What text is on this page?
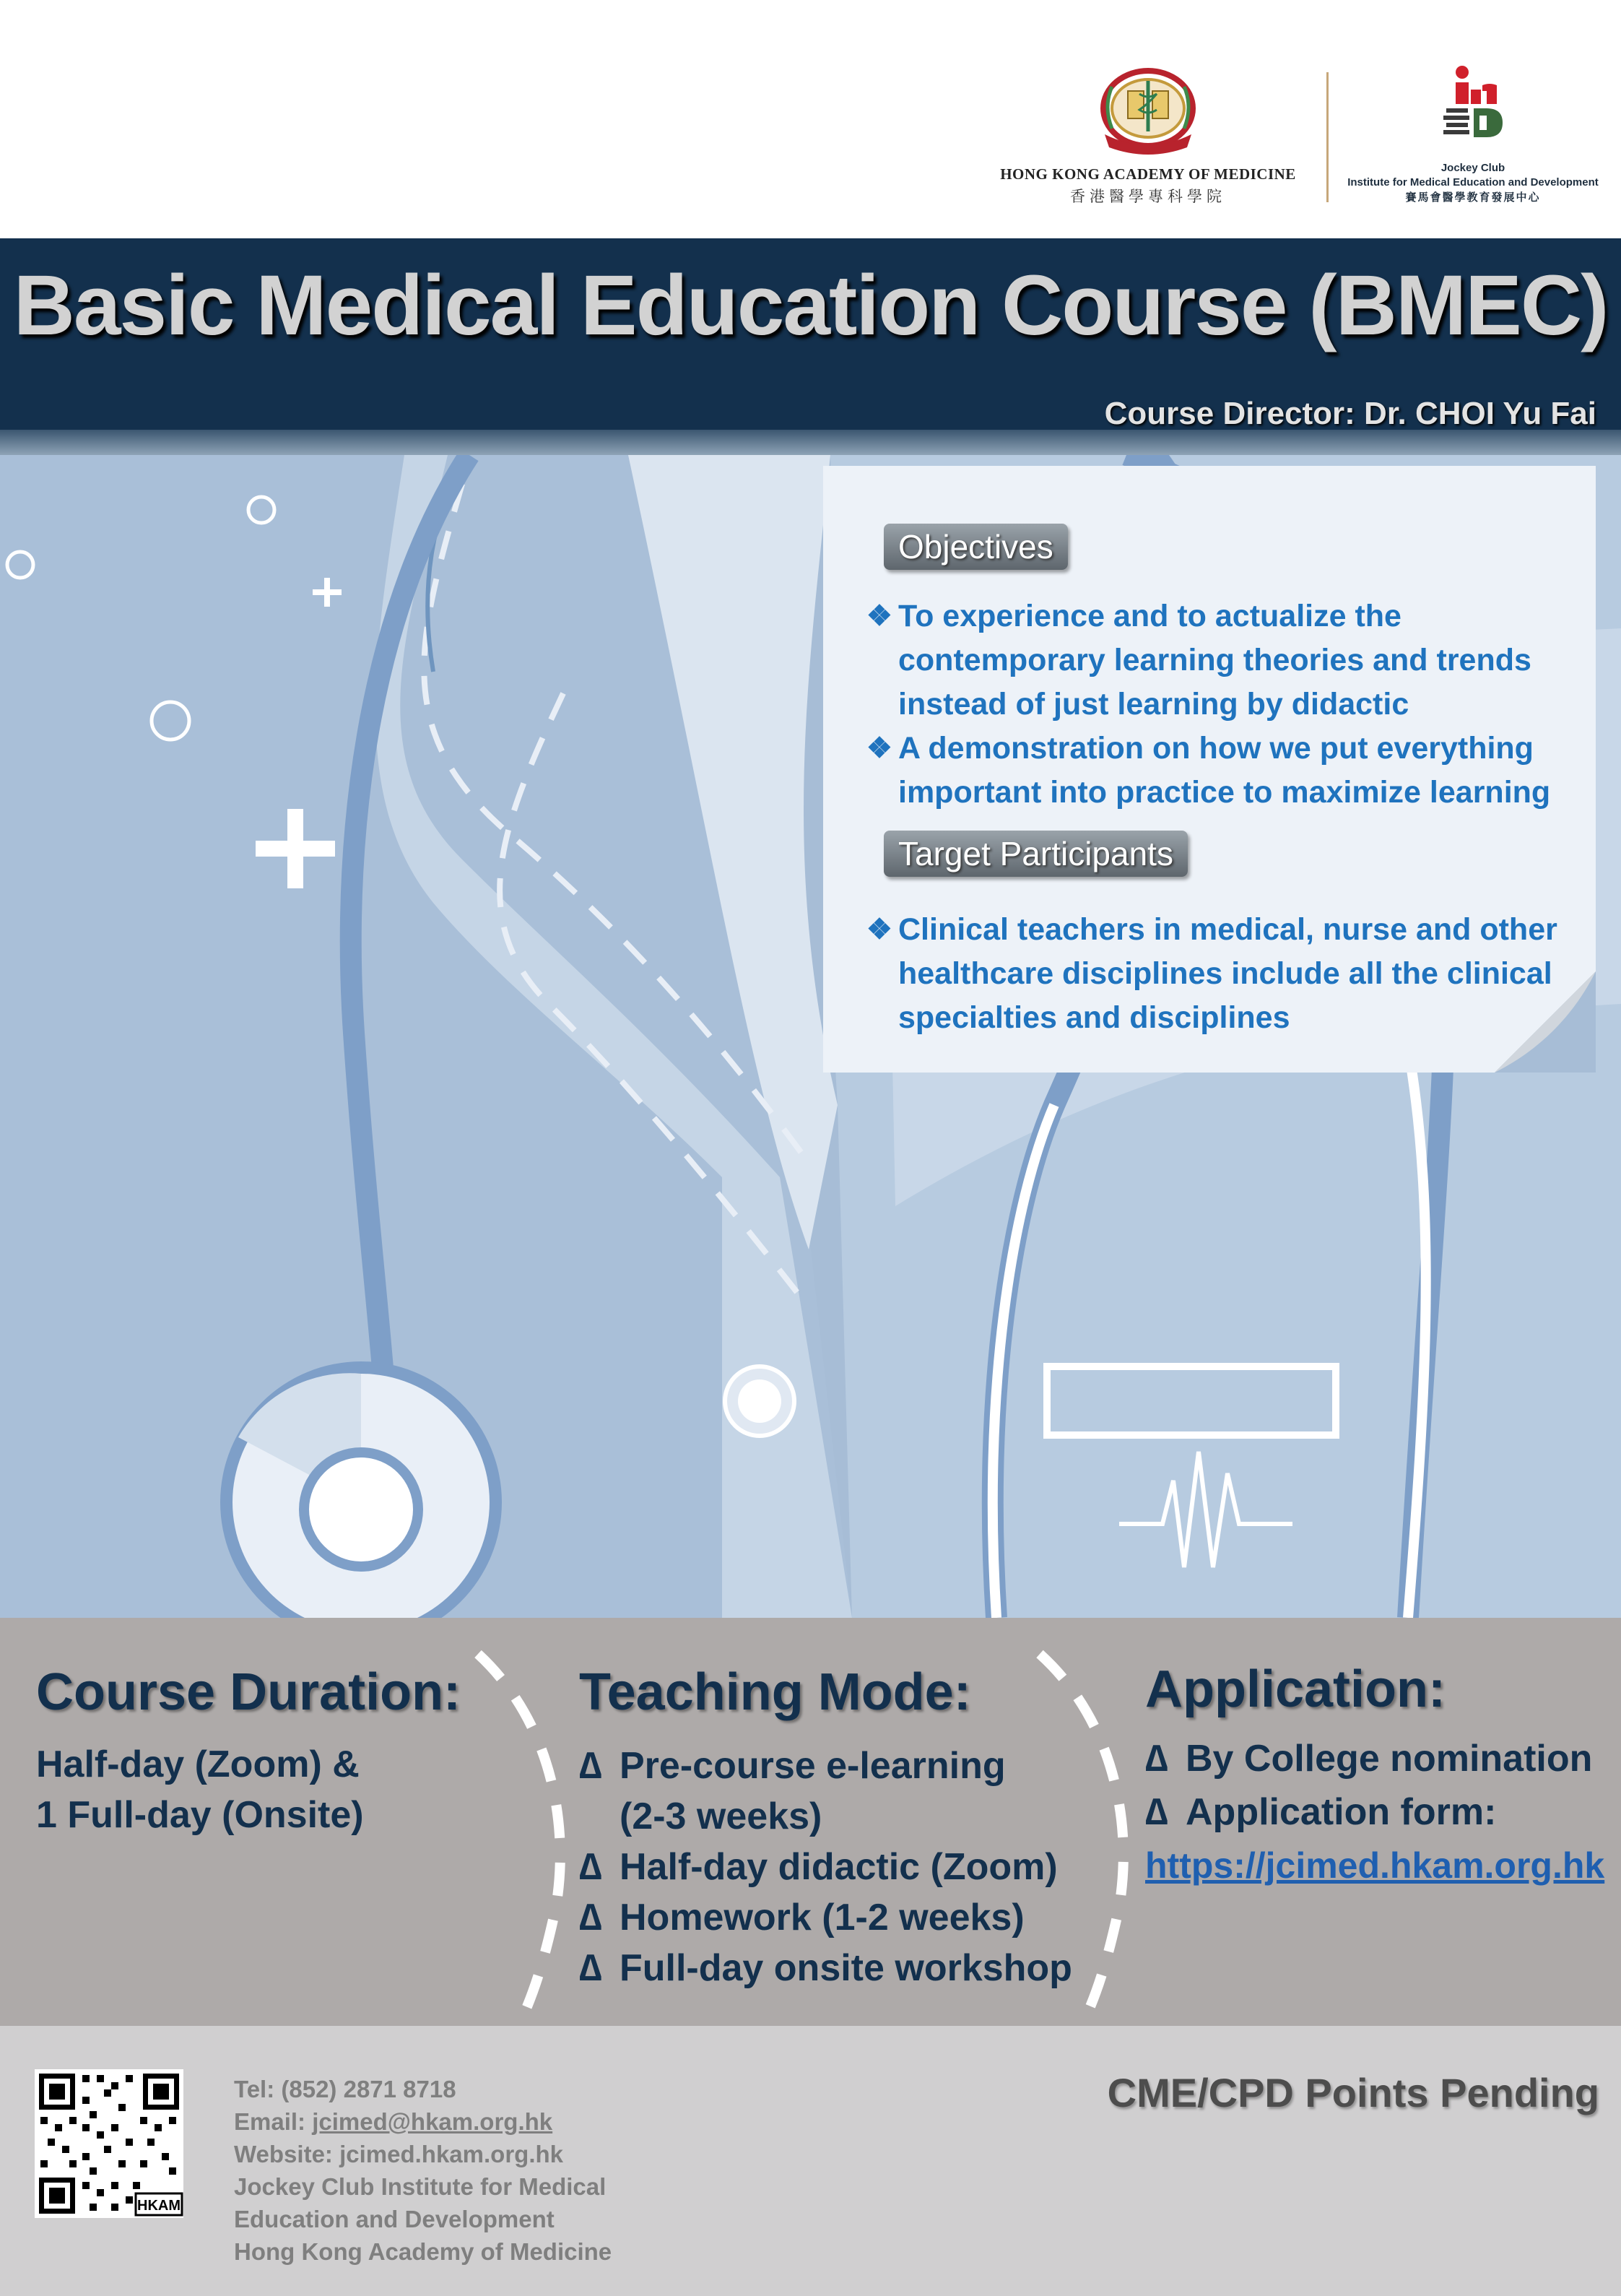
HONG KONG ACADEMY OF MEDICINE
香港醫學專科學院
Jockey Club
Institute for Medical Education and Development
賽馬會醫學教育發展中心
Basic Medical Education Course (BMEC)
Course Director: Dr. CHOI Yu Fai
Objectives
❖ To experience and to actualize the contemporary learning theories and trends instead of just learning by didactic
❖ A demonstration on how we put everything important into practice to maximize learning
Target Participants
❖ Clinical teachers in medical, nurse and other healthcare disciplines include all the clinical specialties and disciplines
Course Duration:
Half-day (Zoom) &
1 Full-day (Onsite)
Teaching Mode:
∆ Pre-course e-learning
(2-3 weeks)
∆ Half-day didactic (Zoom)
∆ Homework (1-2 weeks)
∆ Full-day onsite workshop
Application:
∆ By College nomination
∆ Application form:
https://jcimed.hkam.org.hk
HKAM
Tel: (852) 2871 8718
Email: jcimed@hkam.org.hk
Website: jcimed.hkam.org.hk
Jockey Club Institute for Medical
Education and Development
Hong Kong Academy of Medicine
CME/CPD Points Pending
